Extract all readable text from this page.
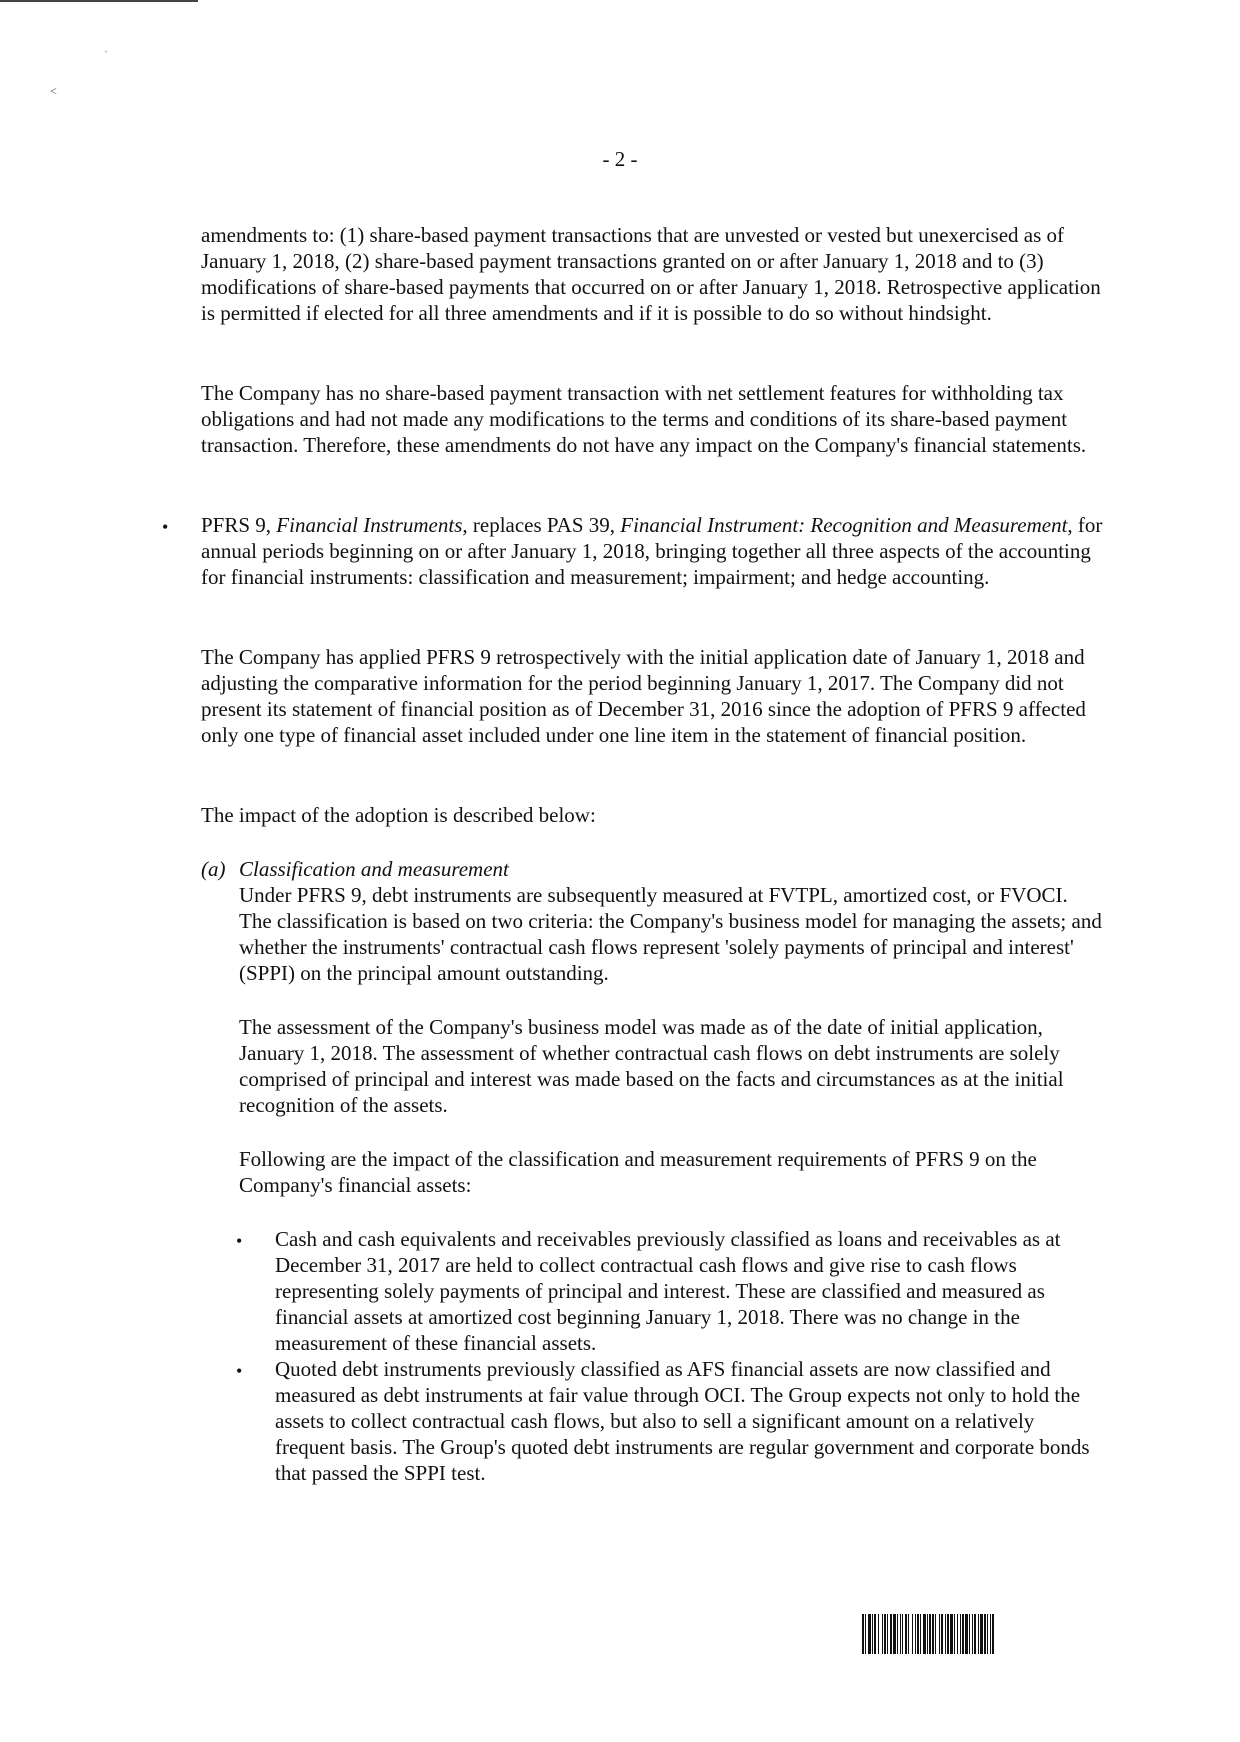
ˌ
˂
- 2 -

amendments to: (1) share-based payment transactions that are unvested or vested but unexercised as of January 1, 2018, (2) share-based payment transactions granted on or after January 1, 2018 and to (3) modifications of share-based payments that occurred on or after January 1, 2018. Retrospective application is permitted if elected for all three amendments and if it is possible to do so without hindsight.

The Company has no share-based payment transaction with net settlement features for withholding tax obligations and had not made any modifications to the terms and conditions of its share-based payment transaction. Therefore, these amendments do not have any impact on the Company's financial statements.

• PFRS 9, Financial Instruments, replaces PAS 39, Financial Instrument: Recognition and Measurement, for annual periods beginning on or after January 1, 2018, bringing together all three aspects of the accounting for financial instruments: classification and measurement; impairment; and hedge accounting.

The Company has applied PFRS 9 retrospectively with the initial application date of January 1, 2018 and adjusting the comparative information for the period beginning January 1, 2017. The Company did not present its statement of financial position as of December 31, 2016 since the adoption of PFRS 9 affected only one type of financial asset included under one line item in the statement of financial position.

The impact of the adoption is described below:

(a) Classification and measurement

Under PFRS 9, debt instruments are subsequently measured at FVTPL, amortized cost, or FVOCI. The classification is based on two criteria: the Company's business model for managing the assets; and whether the instruments' contractual cash flows represent 'solely payments of principal and interest' (SPPI) on the principal amount outstanding.

The assessment of the Company's business model was made as of the date of initial application, January 1, 2018. The assessment of whether contractual cash flows on debt instruments are solely comprised of principal and interest was made based on the facts and circumstances as at the initial recognition of the assets.

Following are the impact of the classification and measurement requirements of PFRS 9 on the Company's financial assets:

• Cash and cash equivalents and receivables previously classified as loans and receivables as at December 31, 2017 are held to collect contractual cash flows and give rise to cash flows representing solely payments of principal and interest. These are classified and measured as financial assets at amortized cost beginning January 1, 2018. There was no change in the measurement of these financial assets.

• Quoted debt instruments previously classified as AFS financial assets are now classified and measured as debt instruments at fair value through OCI. The Group expects not only to hold the assets to collect contractual cash flows, but also to sell a significant amount on a relatively frequent basis. The Group's quoted debt instruments are regular government and corporate bonds that passed the SPPI test.
